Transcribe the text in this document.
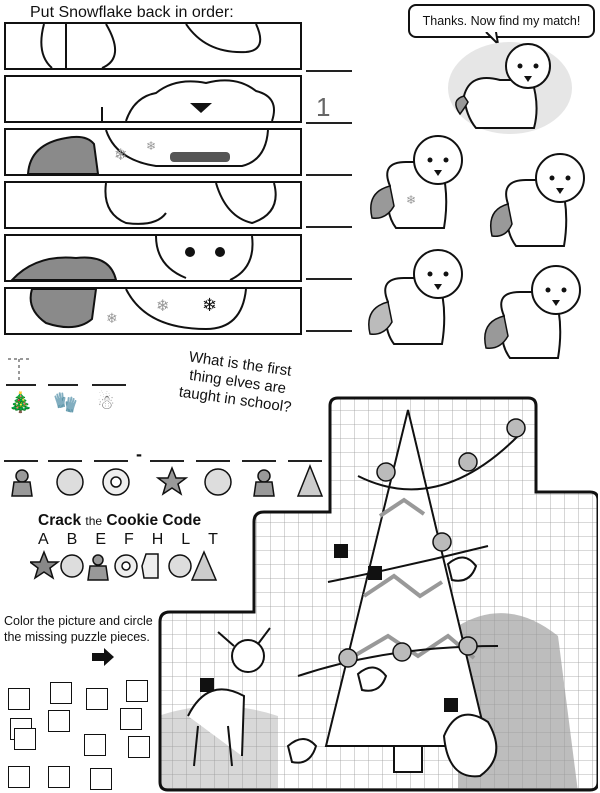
Put Snowflake back in order:
❄
❄
❄ ❄
❄
1
Thanks. Now find my match!
❄
What is the first thing elves are taught in school?
🎄 🧤 ☃
-
Crack the Cookie Code
A B E F H L T
Color the picture and circle the missing puzzle pieces.
